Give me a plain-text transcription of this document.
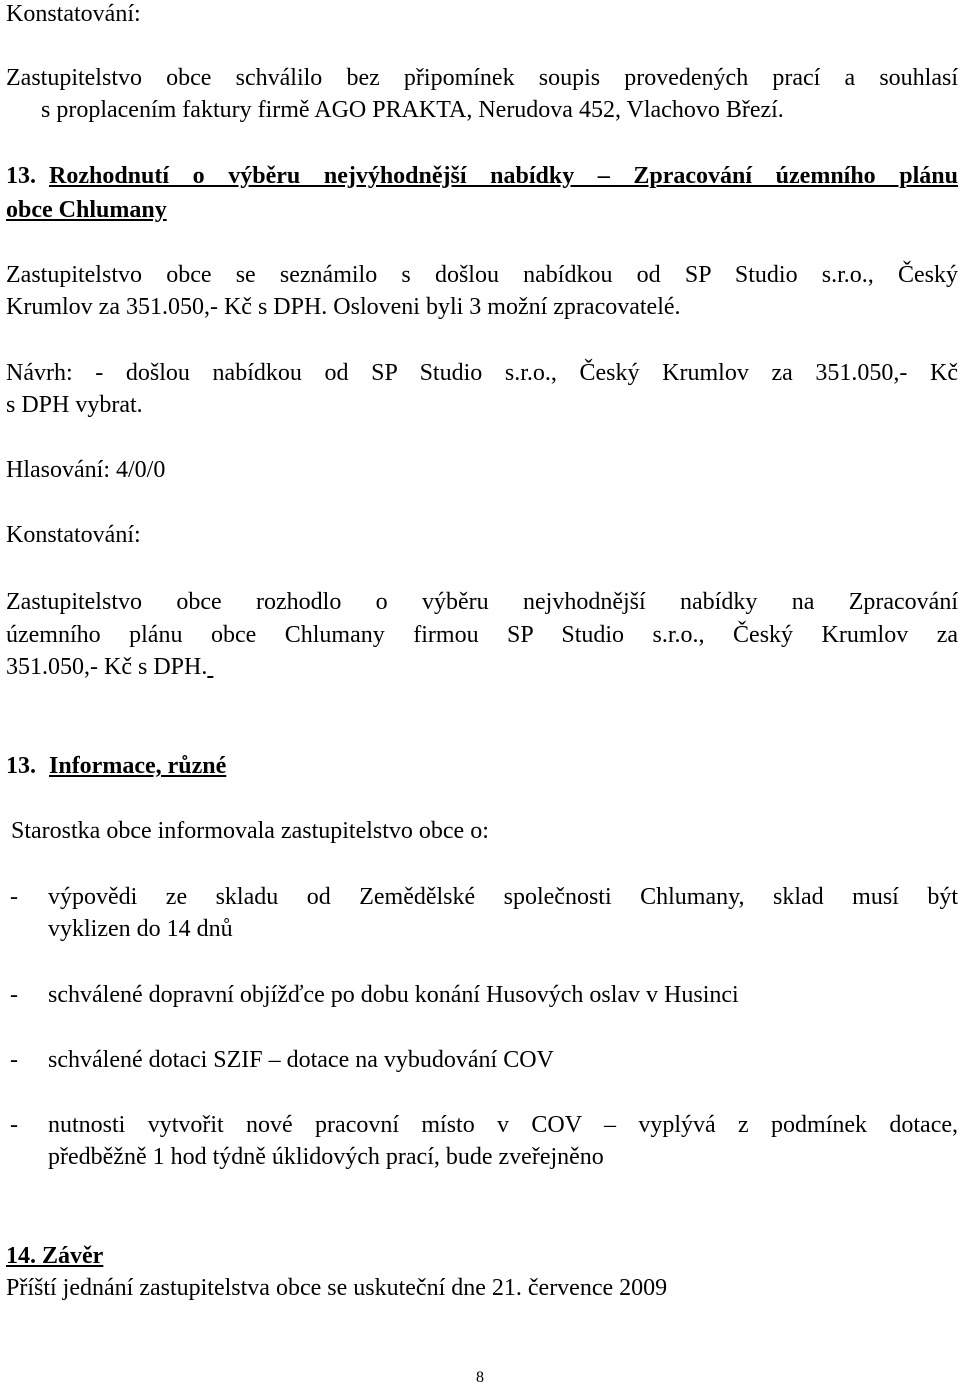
Konstatování:

Zastupitelstvo obce schválilo bez připomínek soupis provedených prací a souhlasí

s proplacením faktury firmě AGO PRAKTA, Nerudova 452, Vlachovo Březí.

13. Rozhodnutí o výběru nejvýhodnější nabídky – Zpracování územního plánu

obce Chlumany

Zastupitelstvo obce se seznámilo s došlou nabídkou od SP Studio s.r.o., Český

Krumlov za 351.050,- Kč s DPH. Osloveni byli 3 možní zpracovatelé.

Návrh: - došlou nabídkou od SP Studio s.r.o., Český Krumlov za 351.050,- Kč

s DPH vybrat.

Hlasování: 4/0/0

Konstatování:

Zastupitelstvo obce rozhodlo o výběru nejvhodnější nabídky na Zpracování

územního plánu obce Chlumany firmou SP Studio s.r.o., Český Krumlov za

351.050,- Kč s DPH.

13. Informace, různé

Starostka obce informovala zastupitelstvo obce o:

- výpovědi ze skladu od Zemědělské společnosti Chlumany, sklad musí být
vyklizen do 14 dnů
- schválené dopravní objížďce po dobu konání Husových oslav v Husinci
- schválené dotaci SZIF – dotace na vybudování COV
- nutnosti vytvořit nové pracovní místo v COV – vyplývá z podmínek dotace,
předběžně 1 hod týdně úklidových prací, bude zveřejněno

14. Závěr

Příští jednání zastupitelstva obce se uskuteční dne 21. července 2009

8
